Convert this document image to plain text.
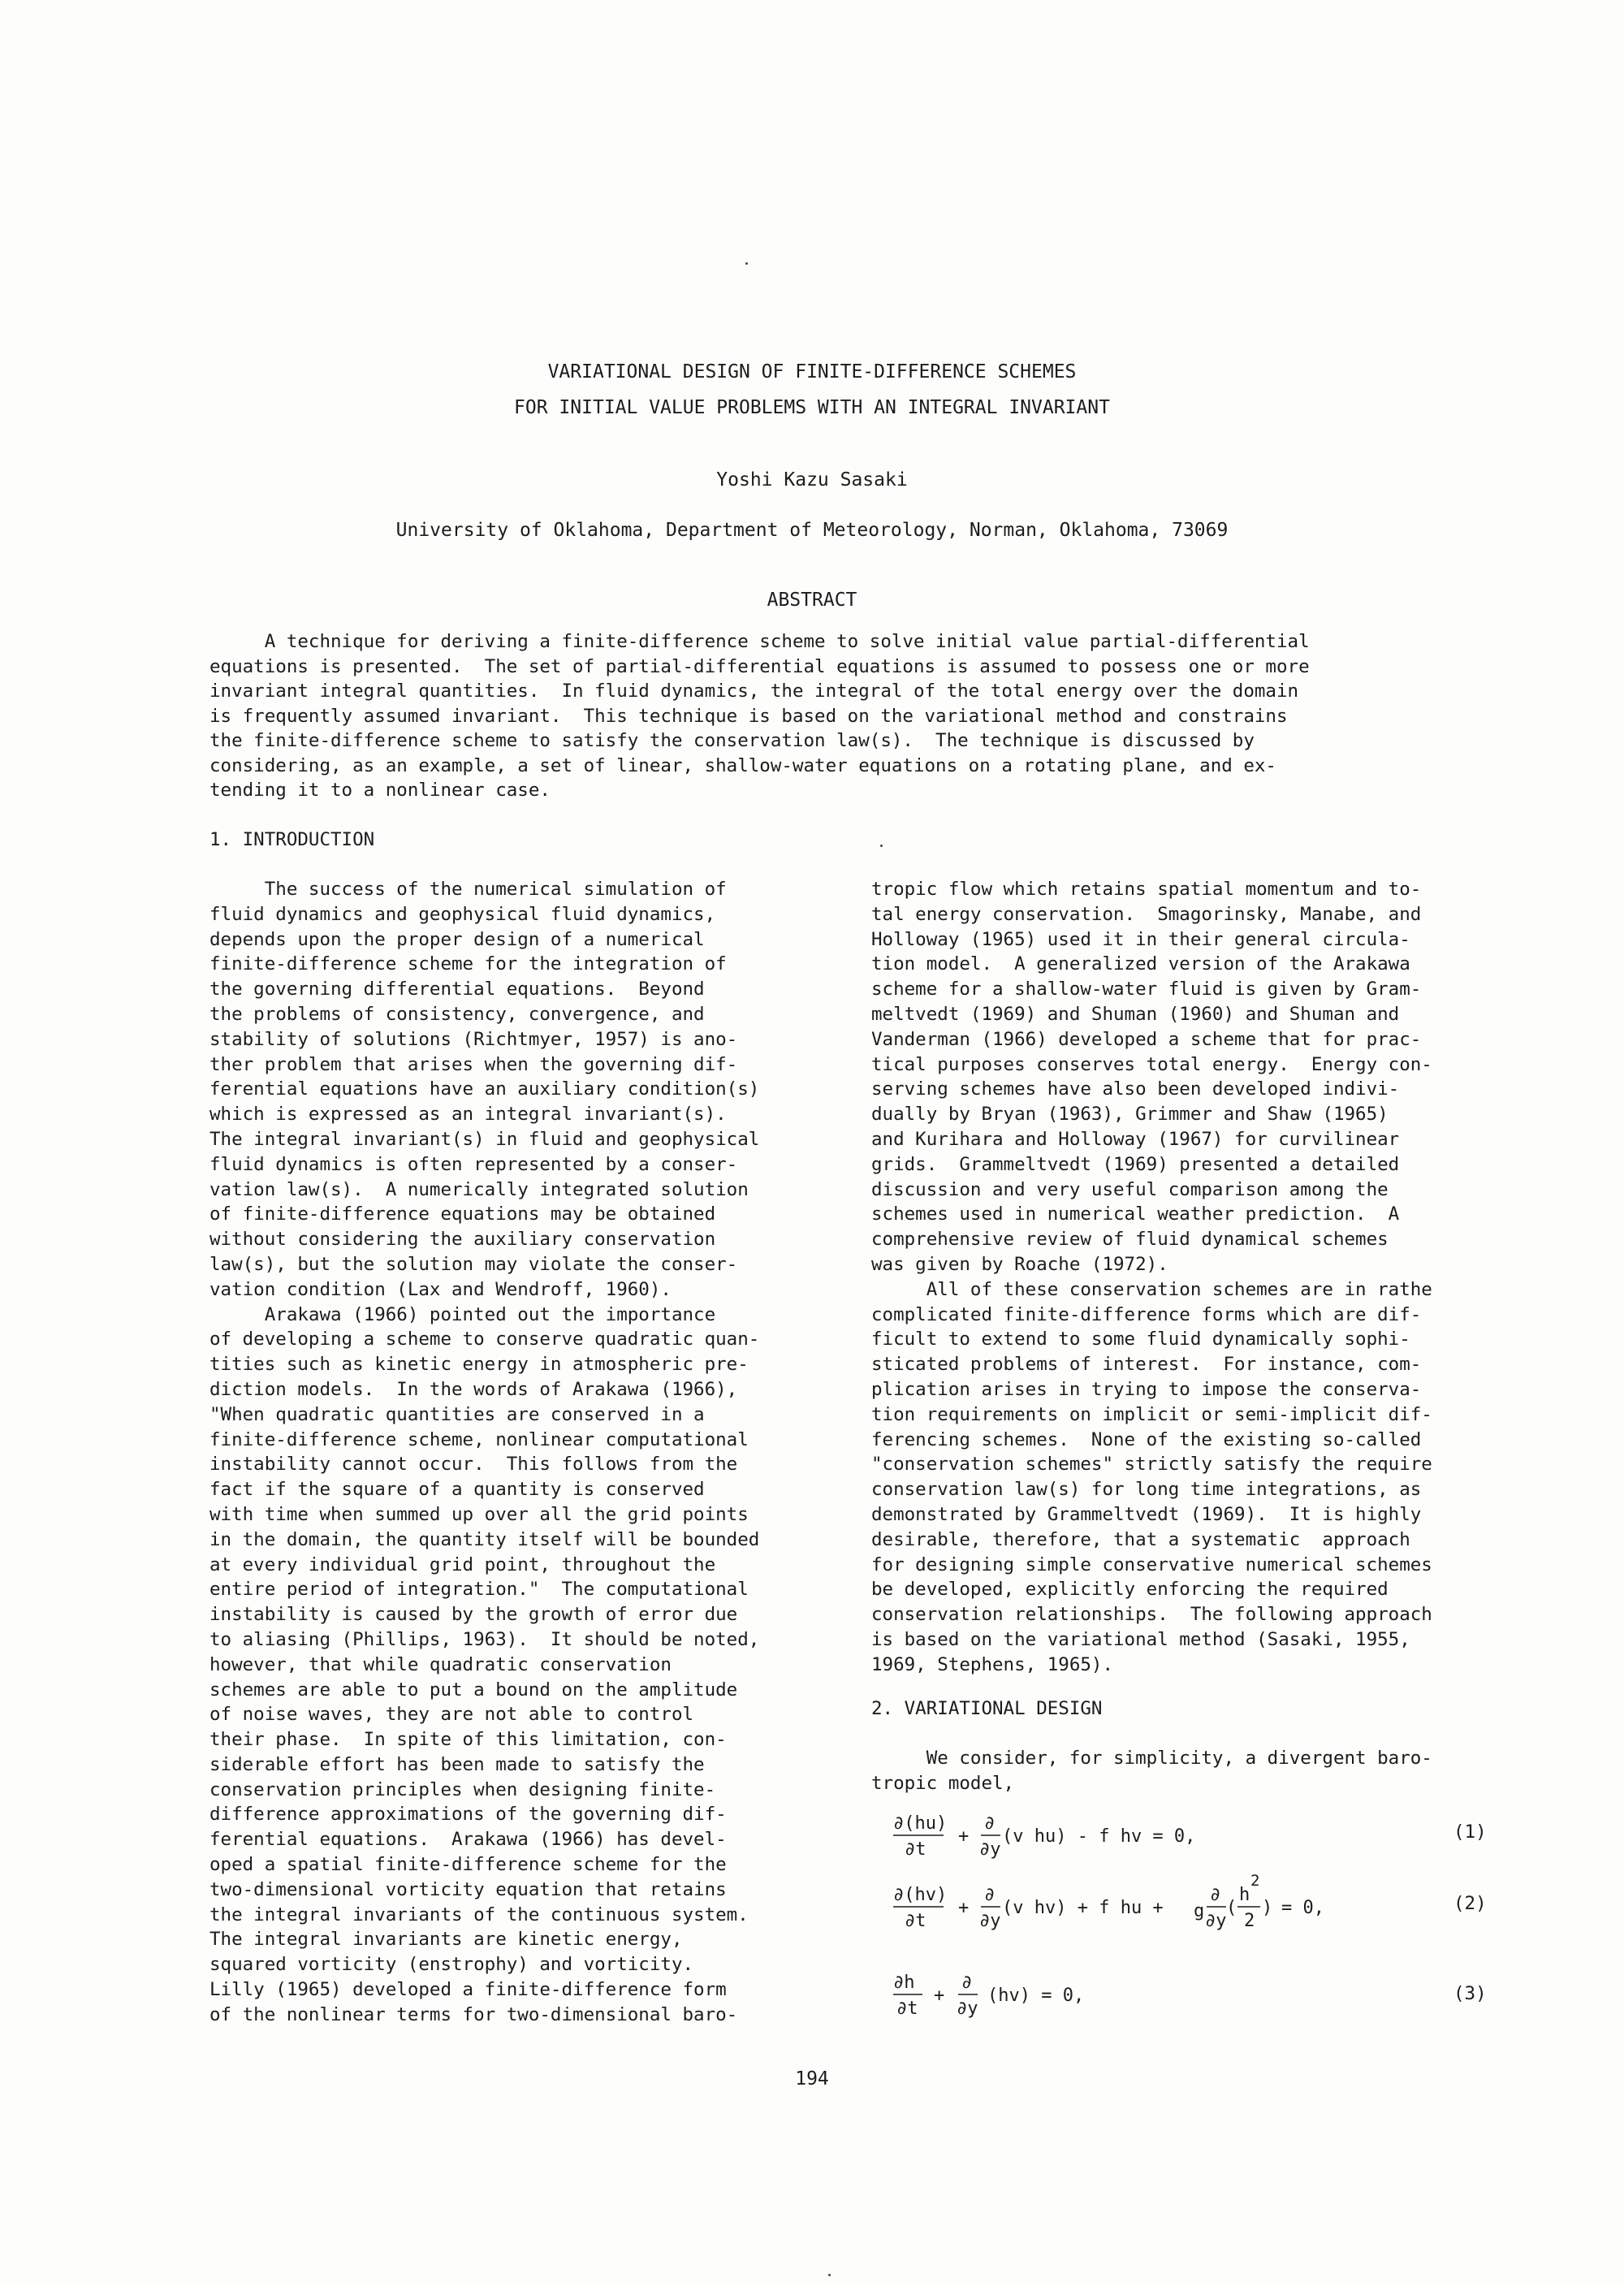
VARIATIONAL DESIGN OF FINITE-DIFFERENCE SCHEMES
FOR INITIAL VALUE PROBLEMS WITH AN INTEGRAL INVARIANT
Yoshi Kazu Sasaki
University of Oklahoma, Department of Meteorology, Norman, Oklahoma, 73069
ABSTRACT
A technique for deriving a finite-difference scheme to solve initial value partial-differential
equations is presented.  The set of partial-differential equations is assumed to possess one or more
invariant integral quantities.  In fluid dynamics, the integral of the total energy over the domain
is frequently assumed invariant.  This technique is based on the variational method and constrains
the finite-difference scheme to satisfy the conservation law(s).  The technique is discussed by
considering, as an example, a set of linear, shallow-water equations on a rotating plane, and ex-
tending it to a nonlinear case.
1. INTRODUCTION
The success of the numerical simulation of
fluid dynamics and geophysical fluid dynamics,
depends upon the proper design of a numerical
finite-difference scheme for the integration of
the governing differential equations.  Beyond
the problems of consistency, convergence, and
stability of solutions (Richtmyer, 1957) is ano-
ther problem that arises when the governing dif-
ferential equations have an auxiliary condition(s)
which is expressed as an integral invariant(s).
The integral invariant(s) in fluid and geophysical
fluid dynamics is often represented by a conser-
vation law(s).  A numerically integrated solution
of finite-difference equations may be obtained
without considering the auxiliary conservation
law(s), but the solution may violate the conser-
vation condition (Lax and Wendroff, 1960).
Arakawa (1966) pointed out the importance
of developing a scheme to conserve quadratic quan-
tities such as kinetic energy in atmospheric pre-
diction models.  In the words of Arakawa (1966),
"When quadratic quantities are conserved in a
finite-difference scheme, nonlinear computational
instability cannot occur.  This follows from the
fact if the square of a quantity is conserved
with time when summed up over all the grid points
in the domain, the quantity itself will be bounded
at every individual grid point, throughout the
entire period of integration."  The computational
instability is caused by the growth of error due
to aliasing (Phillips, 1963).  It should be noted,
however, that while quadratic conservation
schemes are able to put a bound on the amplitude
of noise waves, they are not able to control
their phase.  In spite of this limitation, con-
siderable effort has been made to satisfy the
conservation principles when designing finite-
difference approximations of the governing dif-
ferential equations.  Arakawa (1966) has devel-
oped a spatial finite-difference scheme for the
two-dimensional vorticity equation that retains
the integral invariants of the continuous system.
The integral invariants are kinetic energy,
squared vorticity (enstrophy) and vorticity.
Lilly (1965) developed a finite-difference form
of the nonlinear terms for two-dimensional baro-
tropic flow which retains spatial momentum and to-
tal energy conservation.  Smagorinsky, Manabe, and
Holloway (1965) used it in their general circula-
tion model.  A generalized version of the Arakawa
scheme for a shallow-water fluid is given by Gram-
meltvedt (1969) and Shuman (1960) and Shuman and
Vanderman (1966) developed a scheme that for prac-
tical purposes conserves total energy.  Energy con-
serving schemes have also been developed indivi-
dually by Bryan (1963), Grimmer and Shaw (1965)
and Kurihara and Holloway (1967) for curvilinear
grids.  Grammeltvedt (1969) presented a detailed
discussion and very useful comparison among the
schemes used in numerical weather prediction.  A
comprehensive review of fluid dynamical schemes
was given by Roache (1972).
All of these conservation schemes are in rathe
complicated finite-difference forms which are dif-
ficult to extend to some fluid dynamically sophi-
sticated problems of interest.  For instance, com-
plication arises in trying to impose the conserva-
tion requirements on implicit or semi-implicit dif-
ferencing schemes.  None of the existing so-called
"conservation schemes" strictly satisfy the require
conservation law(s) for long time integrations, as
demonstrated by Grammeltvedt (1969).  It is highly
desirable, therefore, that a systematic  approach
for designing simple conservative numerical schemes
be developed, explicitly enforcing the required
conservation relationships.  The following approach
is based on the variational method (Sasaki, 1955,
1969, Stephens, 1965).
2. VARIATIONAL DESIGN
We consider, for simplicity, a divergent baro-
tropic model,
∂(hu)
∂t
+
∂
∂y
(v hu) - f hv = 0,	(1)
∂(hv)
∂t
+
∂
∂y
(v hv) + f hu + g
∂
∂y
(
h
2
2
) = 0,	(2)
∂h
∂t
+
∂
∂y
(hv) = 0,	(3)
194
